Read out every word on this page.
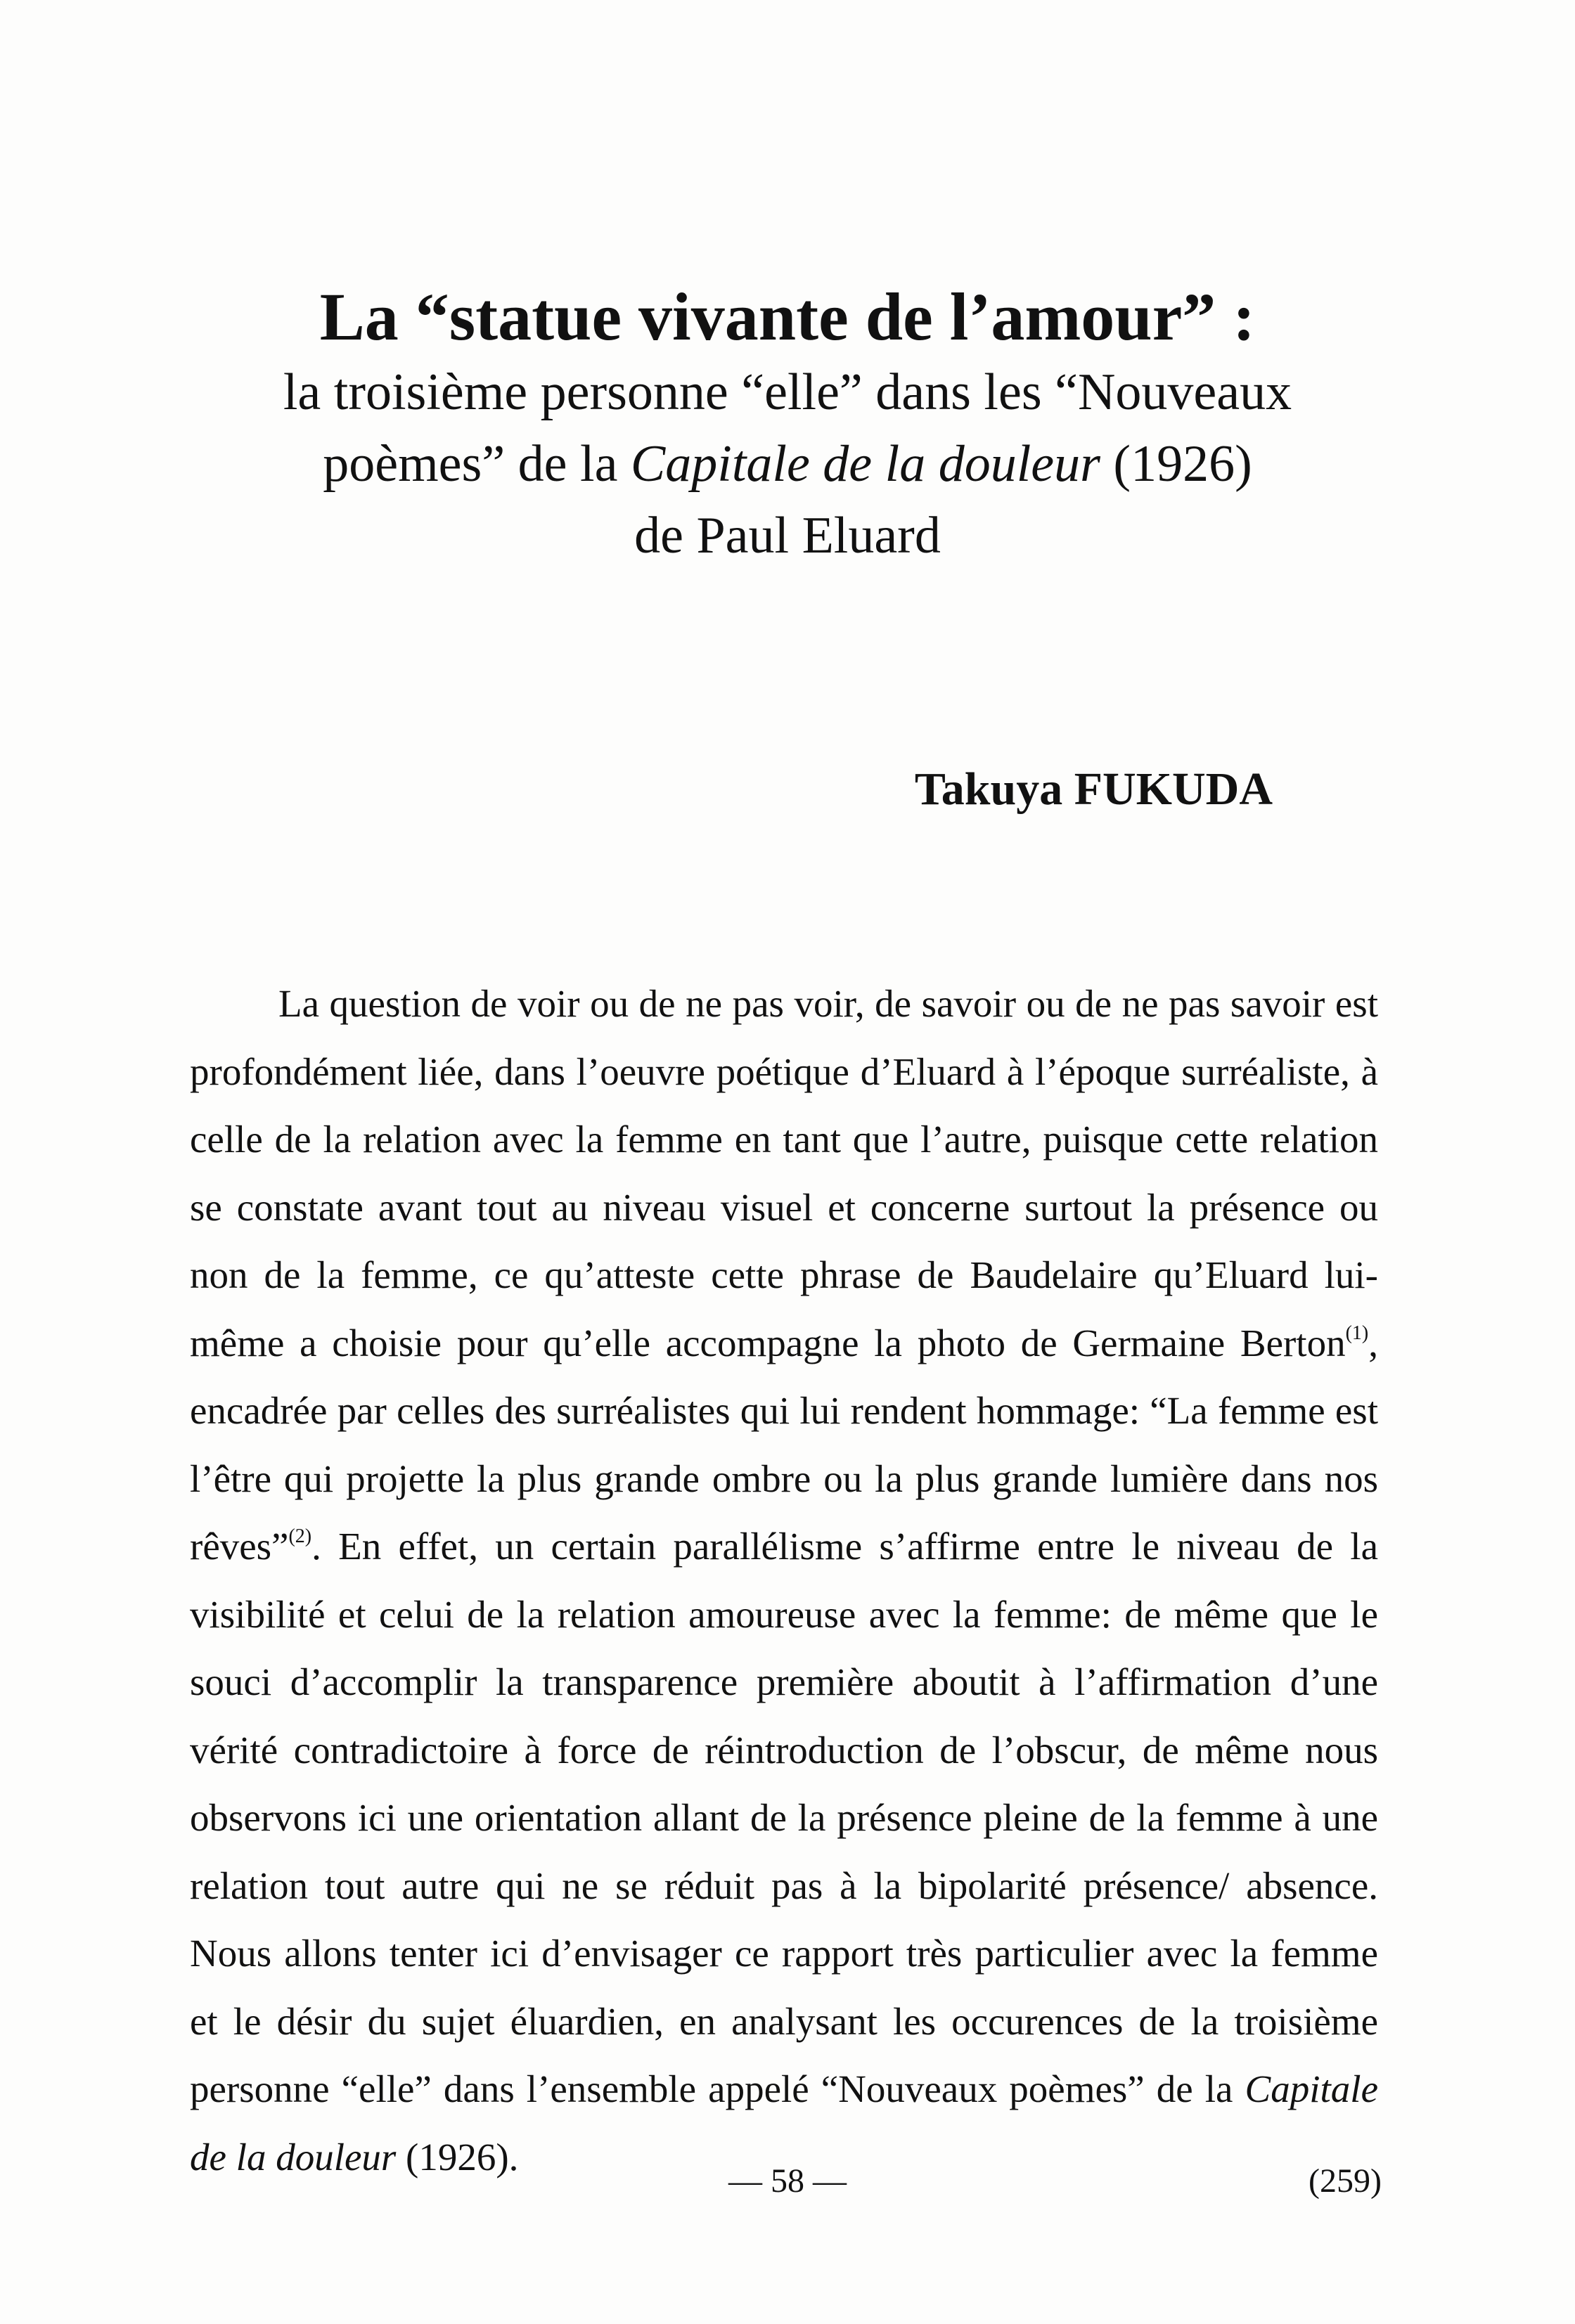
La “statue vivante de l’amour” :

la troisième personne “elle” dans les “Nouveaux

poèmes” de la Capitale de la douleur (1926)

de Paul Eluard

Takuya FUKUDA

La question de voir ou de ne pas voir, de savoir ou de ne pas savoir est profondément liée, dans l’oeuvre poétique d’Eluard à l’époque surréaliste, à celle de la relation avec la femme en tant que l’autre, puisque cette relation se constate avant tout au niveau visuel et concerne surtout la présence ou non de la femme, ce qu’atteste cette phrase de Baudelaire qu’Eluard lui-même a choisie pour qu’elle accompagne la photo de Germaine Berton$^{(1)}$, encadrée par celles des surréalistes qui lui rendent hommage: “La femme est l’être qui projette la plus grande ombre ou la plus grande lumière dans nos rêves”$^{(2)}$. En effet, un certain parallélisme s’affirme entre le niveau de la visibilité et celui de la relation amoureuse avec la femme: de même que le souci d’accomplir la transparence première aboutit à l’affirmation d’une vérité contradictoire à force de réintroduction de l’obscur, de même nous observons ici une orientation allant de la présence pleine de la femme à une relation tout autre qui ne se réduit pas à la bipolarité présence/ absence. Nous allons tenter ici d’envisager ce rapport très particulier avec la femme et le désir du sujet éluardien, en analysant les occurences de la troisième personne “elle” dans l’ensemble appelé “Nouveaux poèmes” de la Capitale de la douleur (1926).

— 58 —	(259)
